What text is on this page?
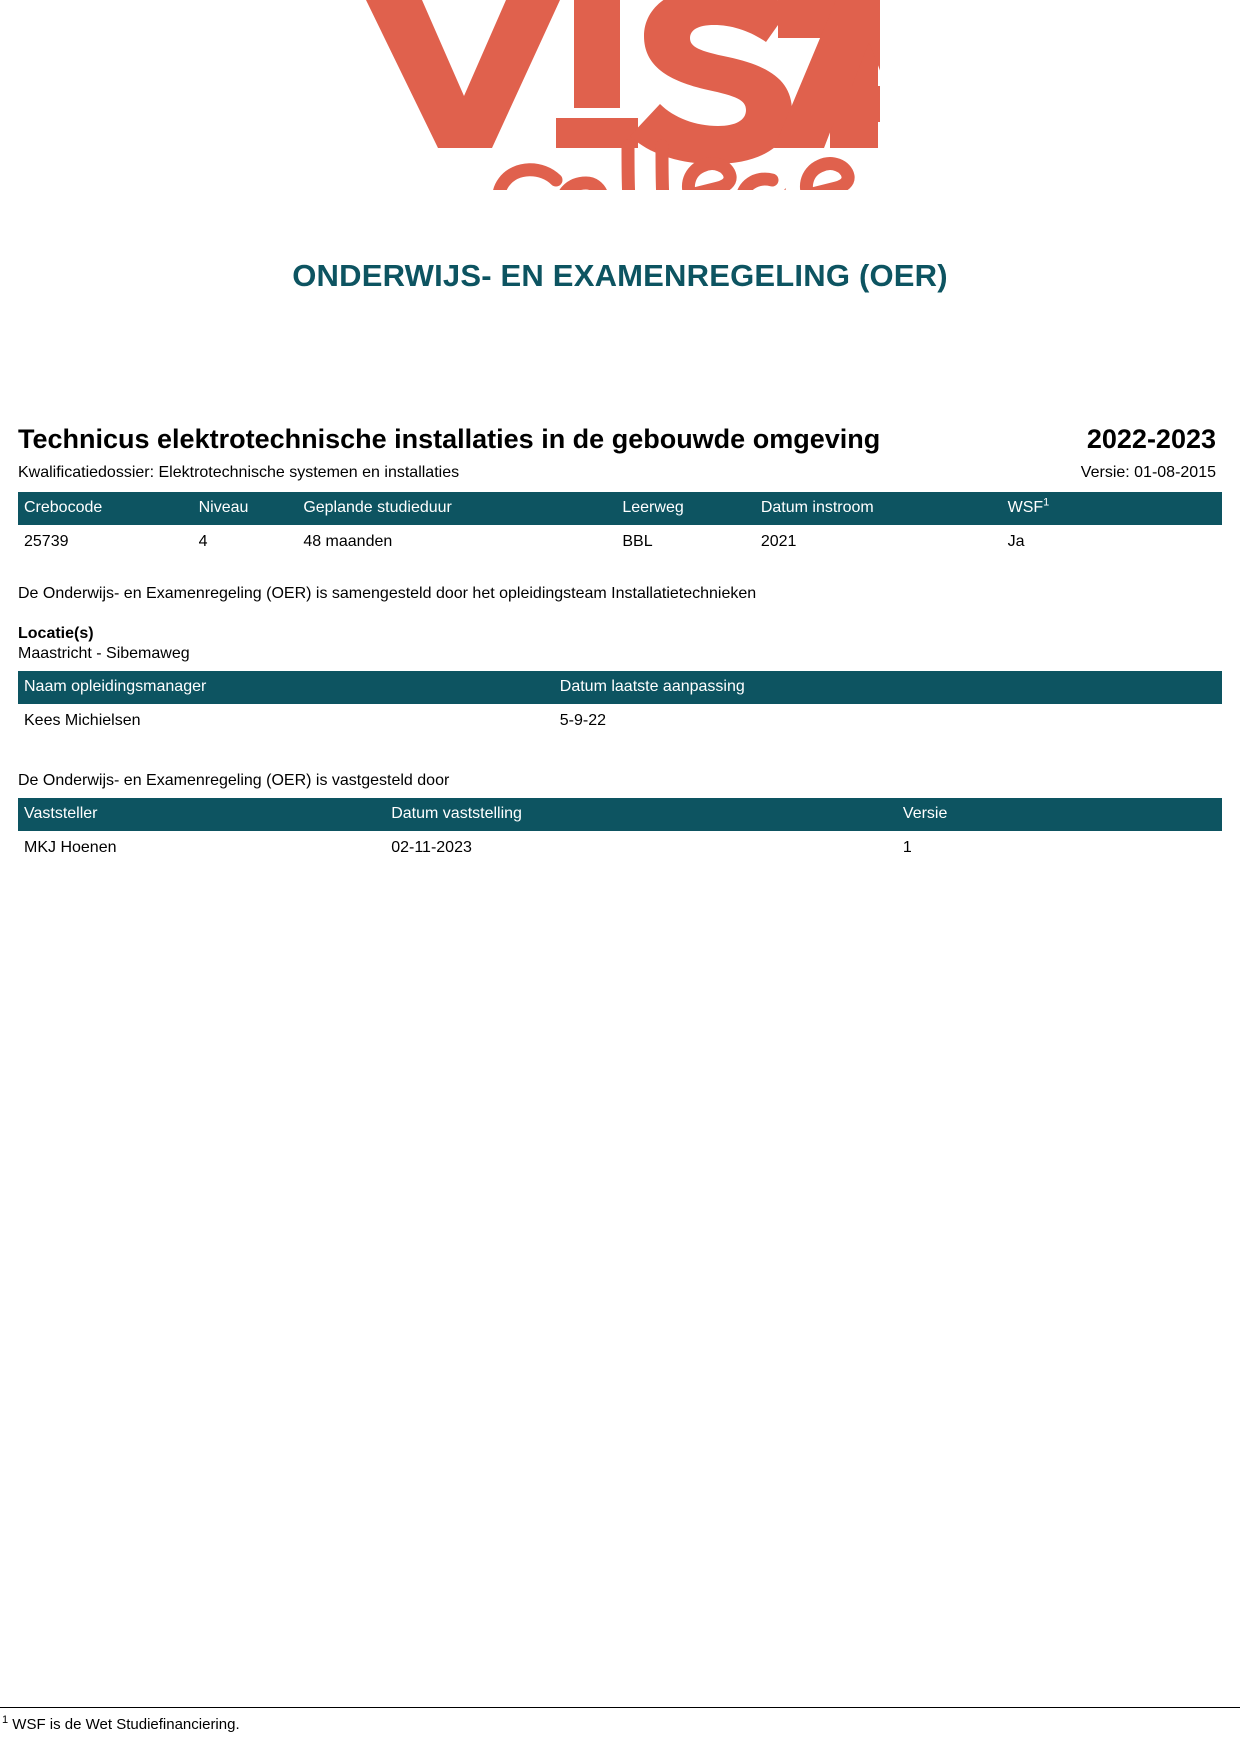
ONDERWIJS- EN EXAMENREGELING (OER)
Technicus elektrotechnische installaties in de gebouwde omgeving	2022-2023
Kwalificatiedossier: Elektrotechnische systemen en installaties	Versie: 01-08-2015
Crebocode	Niveau	Geplande studieduur	Leerweg	Datum instroom	WSF$^1$
25739	4	48 maanden	BBL	2021	Ja
De Onderwijs- en Examenregeling (OER) is samengesteld door het opleidingsteam Installatietechnieken
Locatie(s)
Maastricht - Sibemaweg
Naam opleidingsmanager	Datum laatste aanpassing
Kees Michielsen	5-9-22
De Onderwijs- en Examenregeling (OER) is vastgesteld door
Vaststeller	Datum vaststelling	Versie
MKJ Hoenen	02-11-2023	1
$^1$ WSF is de Wet Studiefinanciering.
